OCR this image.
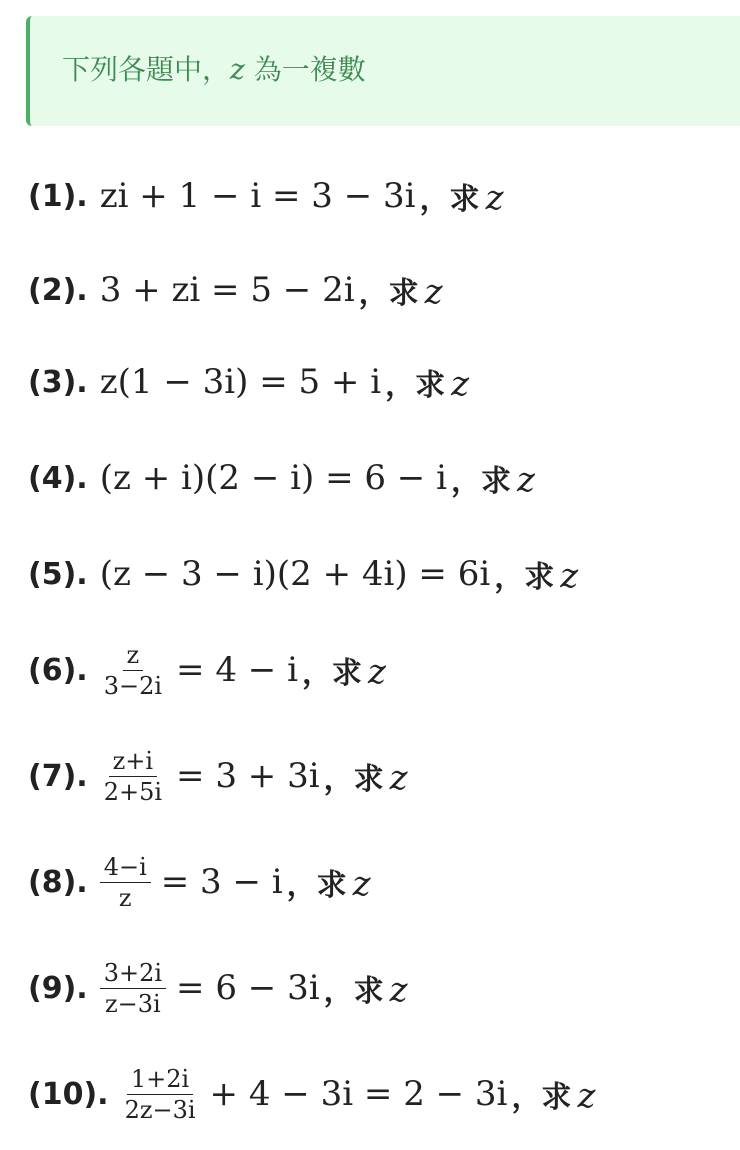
下列各題中，z 為一複數
(1). zi + 1 − i = 3 − 3i ，求 z
(2). 3 + zi = 5 − 2i ，求 z
(3). z(1 − 3i) = 5 + i ，求 z
(4). (z + i)(2 − i) = 6 − i ，求 z
(5). (z − 3 − i)(2 + 4i) = 6i ，求 z
(6). $\frac{z}{3-2i} = 4 - i$ ，求 z
(7). $\frac{z+i}{2+5i} = 3 + 3i$ ，求 z
(8). $\frac{4-i}{z} = 3 - i$ ，求 z
(9). $\frac{3+2i}{z-3i} = 6 - 3i$ ，求 z
(10). $\frac{1+2i}{2z-3i} + 4 - 3i = 2 - 3i$ ，求 z
